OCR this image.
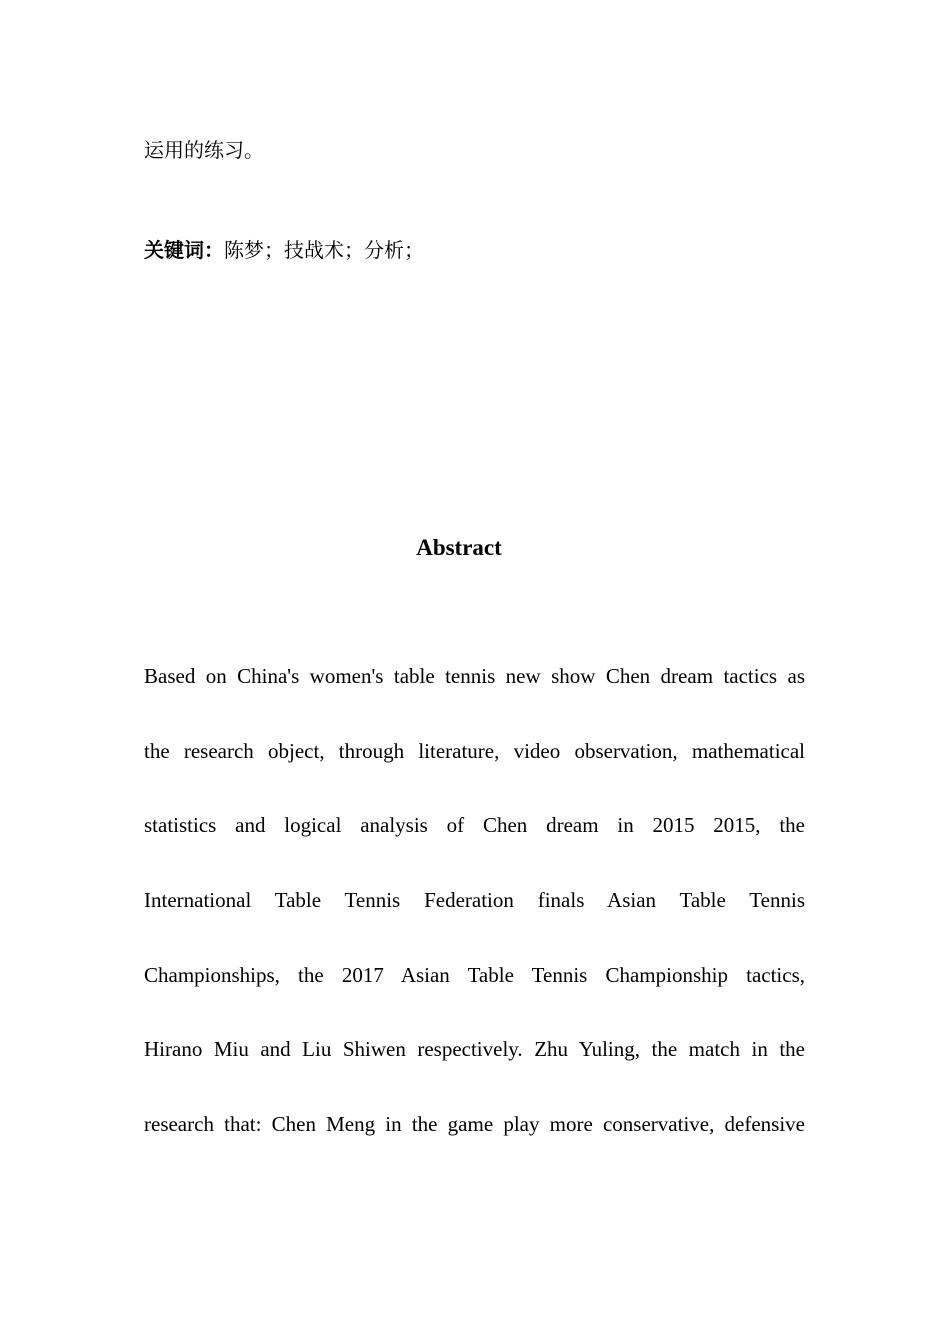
运用的练习。
关键词：陈梦；技战术；分析；
Abstract
Based on China's women's table tennis new show Chen dream tactics as
the research object, through literature, video observation, mathematical
statistics and logical analysis of Chen dream in 2015 2015, the
International Table Tennis Federation finals Asian Table Tennis
Championships, the 2017 Asian Table Tennis Championship tactics,
Hirano Miu and Liu Shiwen respectively. Zhu Yuling, the match in the
research that: Chen Meng in the game play more conservative, defensive
